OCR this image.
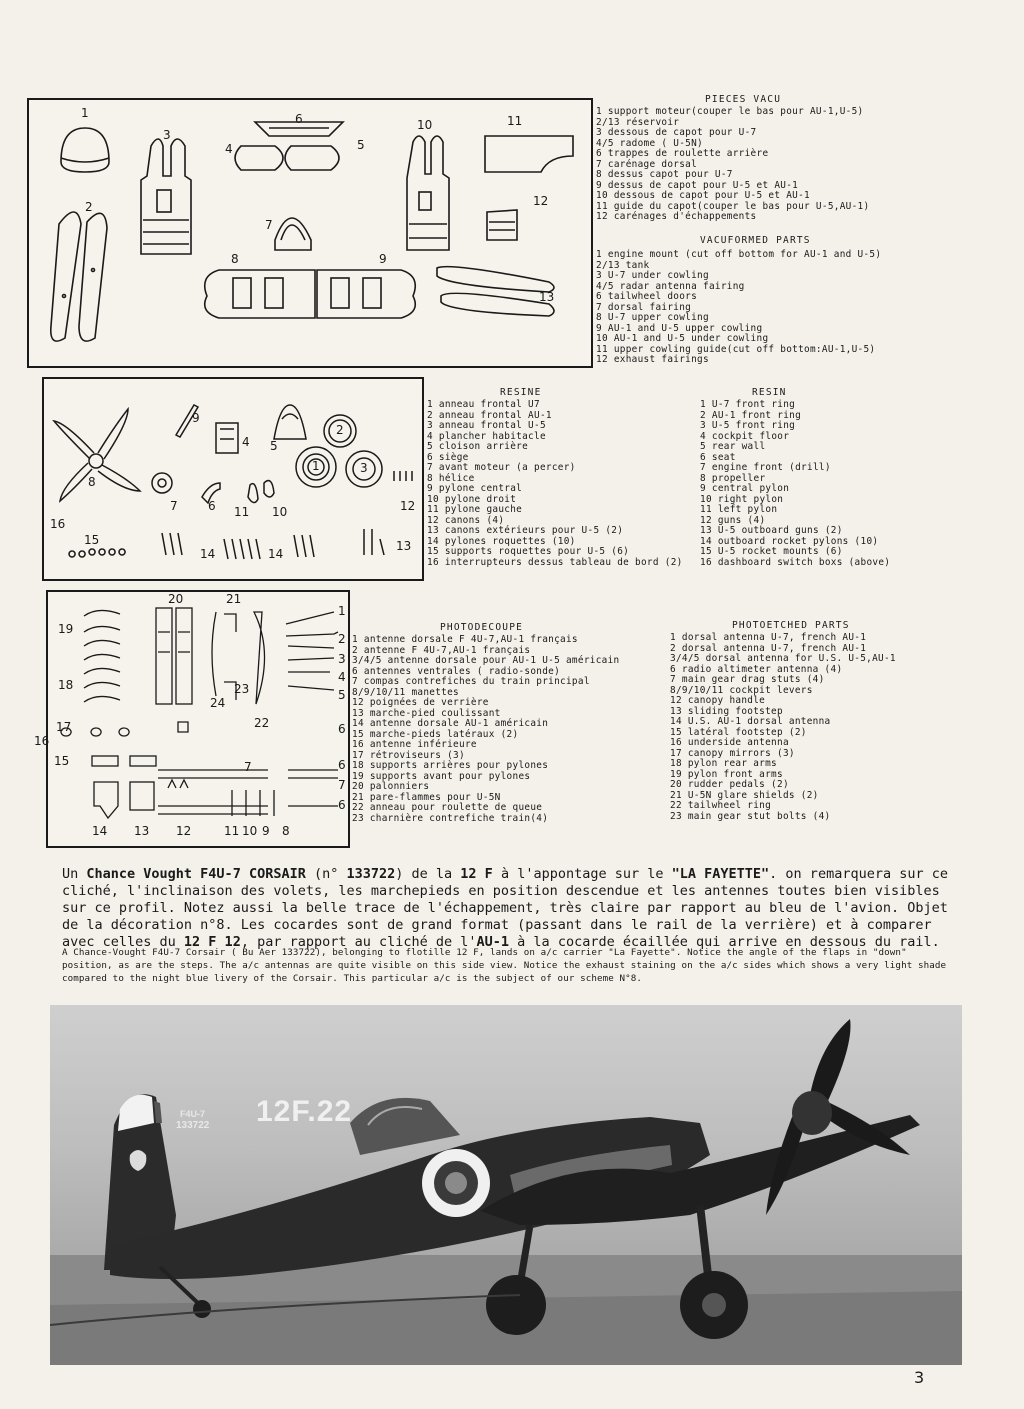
1
2
3
4	5
6
7
8	9
10	11
12
13
PIECES VACU
1 support moteur(couper le bas pour AU-1,U-5)
2/13 réservoir
3 dessous de capot pour U-7
4/5 radome ( U-5N)
6 trappes de roulette arrière
7 carénage dorsal
8 dessus capot pour U-7
9 dessus de capot pour U-5 et AU-1
10 dessous de capot pour U-5 et AU-1
11 guide du capot(couper le bas pour U-5,AU-1)
12 carénages d'échappements
VACUFORMED PARTS
1 engine mount (cut off bottom for AU-1 and U-5)
2/13 tank
3 U-7 under cowling
4/5 radar antenna fairing
6 tailwheel doors
7 dorsal fairing
8 U-7 upper cowling
9 AU-1 and U-5 upper cowling
10 AU-1 and U-5 under cowling
11 upper cowling guide(cut off bottom:AU-1,U-5)
12 exhaust fairings
1
2
3
4 5
6
7
8
9
10
11	12
13
14	14
15
16
RESINE
1 anneau frontal U7
2 anneau frontal AU-1
3 anneau frontal U-5
4 plancher habitacle
5 cloison arrière
6 siège
7 avant moteur (a percer)
8 hélice
9 pylone central
10 pylone droit
11 pylone gauche
12 canons (4)
13 canons extérieurs pour U-5 (2)
14 pylones roquettes (10)
15 supports roquettes pour U-5 (6)
16 interrupteurs dessus tableau de bord (2)
RESIN
1 U-7 front ring
2 AU-1 front ring
3 U-5 front ring
4 cockpit floor
5 rear wall
6 seat
7 engine front (drill)
8 propeller
9 central pylon
10 right pylon
11 left pylon
12 guns (4)
13 U-5 outboard guns (2)
14 outboard rocket pylons (10)
15 U-5 rocket mounts (6)
16 dashboard switch boxs (above)
20	21
19
18
17
16
15
1
2
3
4
5
6
6
7
6
14 13 12	11 10 9 8
23
24
22
7
PHOTODECOUPE
1 antenne dorsale F 4U-7,AU-1 français
2 antenne F 4U-7,AU-1 français
3/4/5 antenne dorsale pour AU-1 U-5 américain
6 antennes ventrales ( radio-sonde)
7 compas contrefiches du train principal
8/9/10/11 manettes
12 poignées de verrière
13 marche-pied coulissant
14 antenne dorsale AU-1 américain
15 marche-pieds latéraux (2)
16 antenne inférieure
17 rétroviseurs (3)
18 supports arrières pour pylones
19 supports avant pour pylones
20 palonniers
21 pare-flammes pour U-5N
22 anneau pour roulette de queue
23 charnière contrefiche train(4)
PHOTOETCHED PARTS
1 dorsal antenna U-7, french AU-1
2 dorsal antenna U-7, french AU-1
3/4/5 dorsal antenna for U.S. U-5,AU-1
6 radio altimeter antenna (4)
7 main gear drag stuts (4)
8/9/10/11 cockpit levers
12 canopy handle
13 sliding footstep
14 U.S. AU-1 dorsal antenna
15 latéral footstep (2)
16 underside antenna
17 canopy mirrors (3)
18 pylon rear arms
19 pylon front arms
20 rudder pedals (2)
21 U-5N glare shields (2)
22 tailwheel ring
23 main gear stut bolts (4)
Un Chance Vought F4U-7 CORSAIR (n° 133722) de la 12 F à l'appontage sur le "LA FAYETTE". on remarquera sur ce cliché, l'inclinaison des volets, les marchepieds en position descendue et les antennes toutes bien visibles sur ce profil. Notez aussi la belle trace de l'échappement, très claire par rapport au bleu de l'avion. Objet de la décoration n°8. Les cocardes sont de grand format (passant dans le rail de la verrière) et à comparer avec celles du 12 F 12, par rapport au cliché de l'AU-1 à la cocarde écaillée qui arrive en dessous du rail.
A Chance-Vought F4U-7 Corsair ( Bu Aer 133722), belonging to flotille 12 F, lands on a/c carrier "La Fayette". Notice the angle of the flaps in "down" position, as are the steps. The a/c antennas are quite visible on this side view. Notice the exhaust staining on the a/c sides which shows a very light shade compared to the night blue livery of the Corsair. This particular a/c is the subject of our scheme N°8.
12F.22
F4U-7
133722
3
